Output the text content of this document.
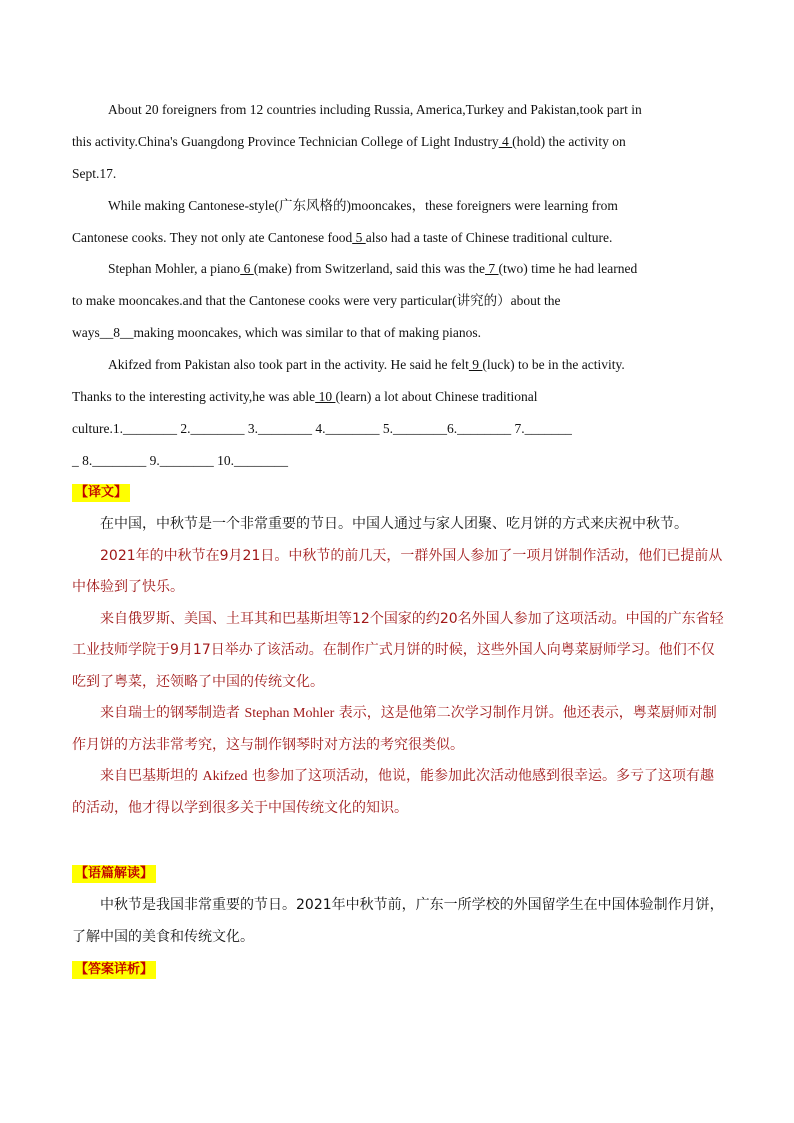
About 20 foreigners from 12 countries including Russia, America,Turkey and Pakistan,took part in
this activity.China's Guangdong Province Technician College of Light Industry 4 (hold) the activity on
Sept.17.
While making Cantonese-style(广东风格的)mooncakes，these foreigners were learning from
Cantonese cooks. They not only ate Cantonese food 5 also had a taste of Chinese traditional culture.
Stephan Mohler, a piano 6 (make) from Switzerland, said this was the 7 (two) time he had learned
to make mooncakes.and that the Cantonese cooks were very particular(讲究的）about the
ways__8__making mooncakes, which was similar to that of making pianos.
Akifzed from Pakistan also took part in the activity. He said he felt 9 (luck) to be in the activity.
Thanks to the interesting activity,he was able 10 (learn) a lot about Chinese traditional
culture.1.________ 2.________ 3.________ 4.________ 5.________6.________ 7._______
_ 8.________ 9.________ 10.________
【译文】

在中国，中秋节是一个非常重要的节日。中国人通过与家人团聚、吃月饼的方式来庆祝中秋节。

2021年的中秋节在9月21日。中秋节的前几天，一群外国人参加了一项月饼制作活动，他们已提前从中体验到了快乐。

来自俄罗斯、美国、土耳其和巴基斯坦等12个国家的约20名外国人参加了这项活动。中国的广东省轻工业技师学院于9月17日举办了该活动。在制作广式月饼的时候，这些外国人向粤菜厨师学习。他们不仅吃到了粤菜，还领略了中国的传统文化。

来自瑞士的钢琴制造者 Stephan Mohler 表示，这是他第二次学习制作月饼。他还表示，粤菜厨师对制作月饼的方法非常考究，这与制作钢琴时对方法的考究很类似。

来自巴基斯坦的 Akifzed 也参加了这项活动，他说，能参加此次活动他感到很幸运。多亏了这项有趣的活动，他才得以学到很多关于中国传统文化的知识。

【语篇解读】

中秋节是我国非常重要的节日。2021年中秋节前，广东一所学校的外国留学生在中国体验制作月饼，了解中国的美食和传统文化。

【答案详析】
